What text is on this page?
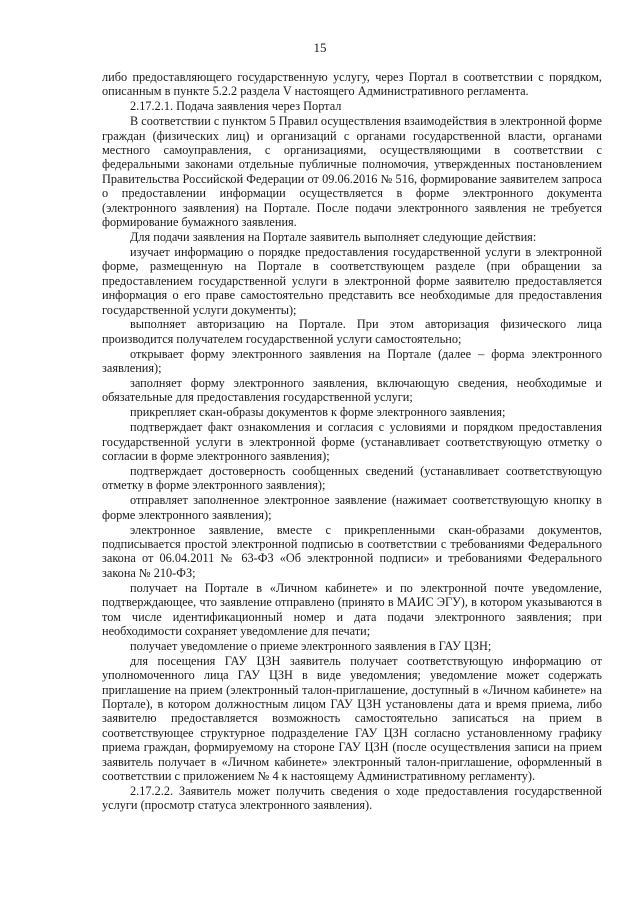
15

либо предоставляющего государственную услугу, через Портал в соответствии с порядком, описанным в пункте 5.2.2 раздела V настоящего Административного регламента.

2.17.2.1. Подача заявления через Портал

В соответствии с пунктом 5 Правил осуществления взаимодействия в электронной форме граждан (физических лиц) и организаций с органами государственной власти, органами местного самоуправления, с организациями, осуществляющими в соответствии с федеральными законами отдельные публичные полномочия, утвержденных постановлением Правительства Российской Федерации от 09.06.2016 № 516, формирование заявителем запроса о предоставлении информации осуществляется в форме электронного документа (электронного заявления) на Портале. После подачи электронного заявления не требуется формирование бумажного заявления.

Для подачи заявления на Портале заявитель выполняет следующие действия:

изучает информацию о порядке предоставления государственной услуги в электронной форме, размещенную на Портале в соответствующем разделе (при обращении за предоставлением государственной услуги в электронной форме заявителю предоставляется информация о его праве самостоятельно представить все необходимые для предоставления государственной услуги документы);

выполняет авторизацию на Портале. При этом авторизация физического лица производится получателем государственной услуги самостоятельно;

открывает форму электронного заявления на Портале (далее – форма электронного заявления);

заполняет форму электронного заявления, включающую сведения, необходимые и обязательные для предоставления государственной услуги;

прикрепляет скан-образы документов к форме электронного заявления;

подтверждает факт ознакомления и согласия с условиями и порядком предоставления государственной услуги в электронной форме (устанавливает соответствующую отметку о согласии в форме электронного заявления);

подтверждает достоверность сообщенных сведений (устанавливает соответствующую отметку в форме электронного заявления);

отправляет заполненное электронное заявление (нажимает соответствующую кнопку в форме электронного заявления);

электронное заявление, вместе с прикрепленными скан-образами документов, подписывается простой электронной подписью в соответствии с требованиями Федерального закона от 06.04.2011 № 63-ФЗ «Об электронной подписи» и требованиями Федерального закона № 210-ФЗ;

получает на Портале в «Личном кабинете» и по электронной почте уведомление, подтверждающее, что заявление отправлено (принято в МАИС ЭГУ), в котором указываются в том числе идентификационный номер и дата подачи электронного заявления; при необходимости сохраняет уведомление для печати;

получает уведомление о приеме электронного заявления в ГАУ ЦЗН;

для посещения ГАУ ЦЗН заявитель получает соответствующую информацию от уполномоченного лица ГАУ ЦЗН в виде уведомления; уведомление может содержать приглашение на прием (электронный талон-приглашение, доступный в «Личном кабинете» на Портале), в котором должностным лицом ГАУ ЦЗН установлены дата и время приема, либо заявителю предоставляется возможность самостоятельно записаться на прием в соответствующее структурное подразделение ГАУ ЦЗН согласно установленному графику приема граждан, формируемому на стороне ГАУ ЦЗН (после осуществления записи на прием заявитель получает в «Личном кабинете» электронный талон-приглашение, оформленный в соответствии с приложением № 4 к настоящему Административному регламенту).

2.17.2.2. Заявитель может получить сведения о ходе предоставления государственной услуги (просмотр статуса электронного заявления).
